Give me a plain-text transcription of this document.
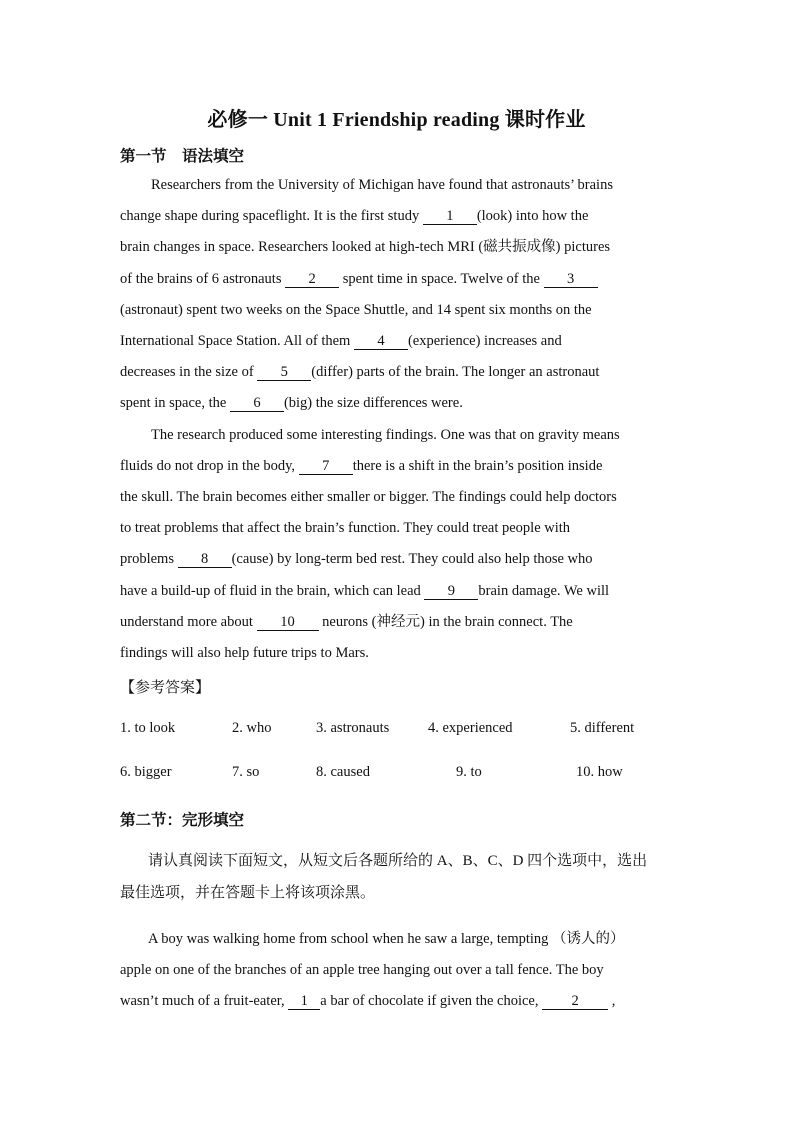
必修一 Unit 1 Friendship reading 课时作业
第一节　语法填空
Researchers from the University of Michigan have found that astronauts’ brains
change shape during spaceflight. It is the first study 1 (look) into how the
brain changes in space. Researchers looked at high-tech MRI (磁共振成像) pictures
of the brains of 6 astronauts 2 spent time in space. Twelve of the 3
(astronaut) spent two weeks on the Space Shuttle, and 14 spent six months on the
International Space Station. All of them 4 (experience) increases and
decreases in the size of 5 (differ) parts of the brain. The longer an astronaut
spent in space, the 6 (big) the size differences were.
The research produced some interesting findings. One was that on gravity means
fluids do not drop in the body, 7 there is a shift in the brain’s position inside
the skull. The brain becomes either smaller or bigger. The findings could help doctors
to treat problems that affect the brain’s function. They could treat people with
problems 8 (cause) by long-term bed rest. They could also help those who
have a build-up of fluid in the brain, which can lead 9 brain damage. We will
understand more about 10 neurons (神经元) in the brain connect. The
findings will also help future trips to Mars.
【参考答案】
1. to look	2. who	3. astronauts	4. experienced	5. different
6. bigger	7. so	8. caused	9. to	10. how
第二节：完形填空
请认真阅读下面短文，从短文后各题所给的 A、B、C、D 四个选项中，选出
最佳选项，并在答题卡上将该项涂黑。
A boy was walking home from school when he saw a large, tempting （诱人的）
apple on one of the branches of an apple tree hanging out over a tall fence. The boy
wasn’t much of a fruit-eater, 1 a bar of chocolate if given the choice, 2 ,
